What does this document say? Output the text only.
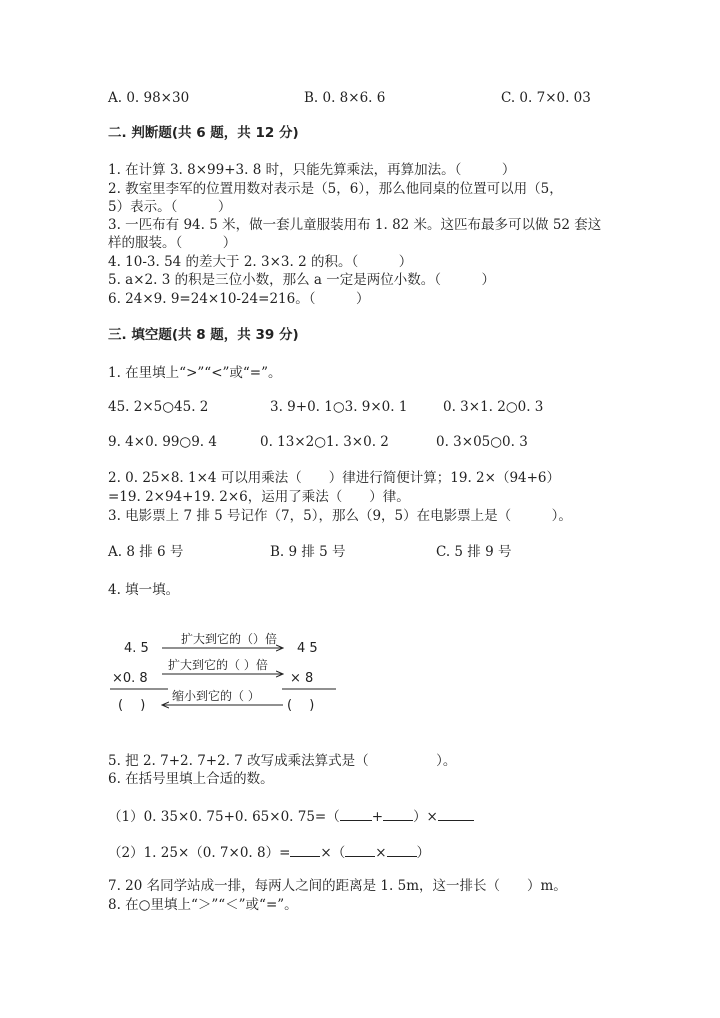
A. 0. 98×30	B. 0. 8×6. 6	C. 0. 7×0. 03
二. 判断题(共 6 题，共 12 分)
1. 在计算 3. 8×99+3. 8 时，只能先算乘法，再算加法。（　　　）
2. 教室里李军的位置用数对表示是（5，6），那么他同桌的位置可以用（5，
5）表示。（　　　）
3. 一匹布有 94. 5 米，做一套儿童服装用布 1. 82 米。这匹布最多可以做 52 套这
样的服装。（　　　）
4. 10-3. 54 的差大于 2. 3×3. 2 的积。（　　　）
5. a×2. 3 的积是三位小数，那么 a 一定是两位小数。（　　　）
6. 24×9. 9=24×10-24=216。（　　　）
三. 填空题(共 8 题，共 39 分)
1. 在里填上“>”“<”或“=”。
45. 2×5○45. 2	3. 9+0. 1○3. 9×0. 1	0. 3×1. 2○0. 3
9. 4×0. 99○9. 4	0. 13×2○1. 3×0. 2	0. 3×05○0. 3
2. 0. 25×8. 1×4 可以用乘法（　　）律进行简便计算；19. 2×（94+6）
=19. 2×94+19. 2×6，运用了乘法（　　）律。
3. 电影票上 7 排 5 号记作（7，5），那么（9，5）在电影票上是（　　　）。
A. 8 排 6 号	B. 9 排 5 号	C. 5 排 9 号
4. 填一填。
4. 5
×0. 8
(　 )
4 5
× 8
(　 )
扩大到它的（）倍
扩大到它的（ ）倍
缩小到它的（ ）
5. 把 2. 7+2. 7+2. 7 改写成乘法算式是（　　　　　）。
6. 在括号里填上合适的数。
（1）0. 35×0. 75+0. 65×0. 75=（ + ）×
（2）1. 25×（0. 7×0. 8）= ×（ × ）
7. 20 名同学站成一排，每两人之间的距离是 1. 5m，这一排长（　　）m。
8. 在○里填上“＞”“＜”或“=”。
